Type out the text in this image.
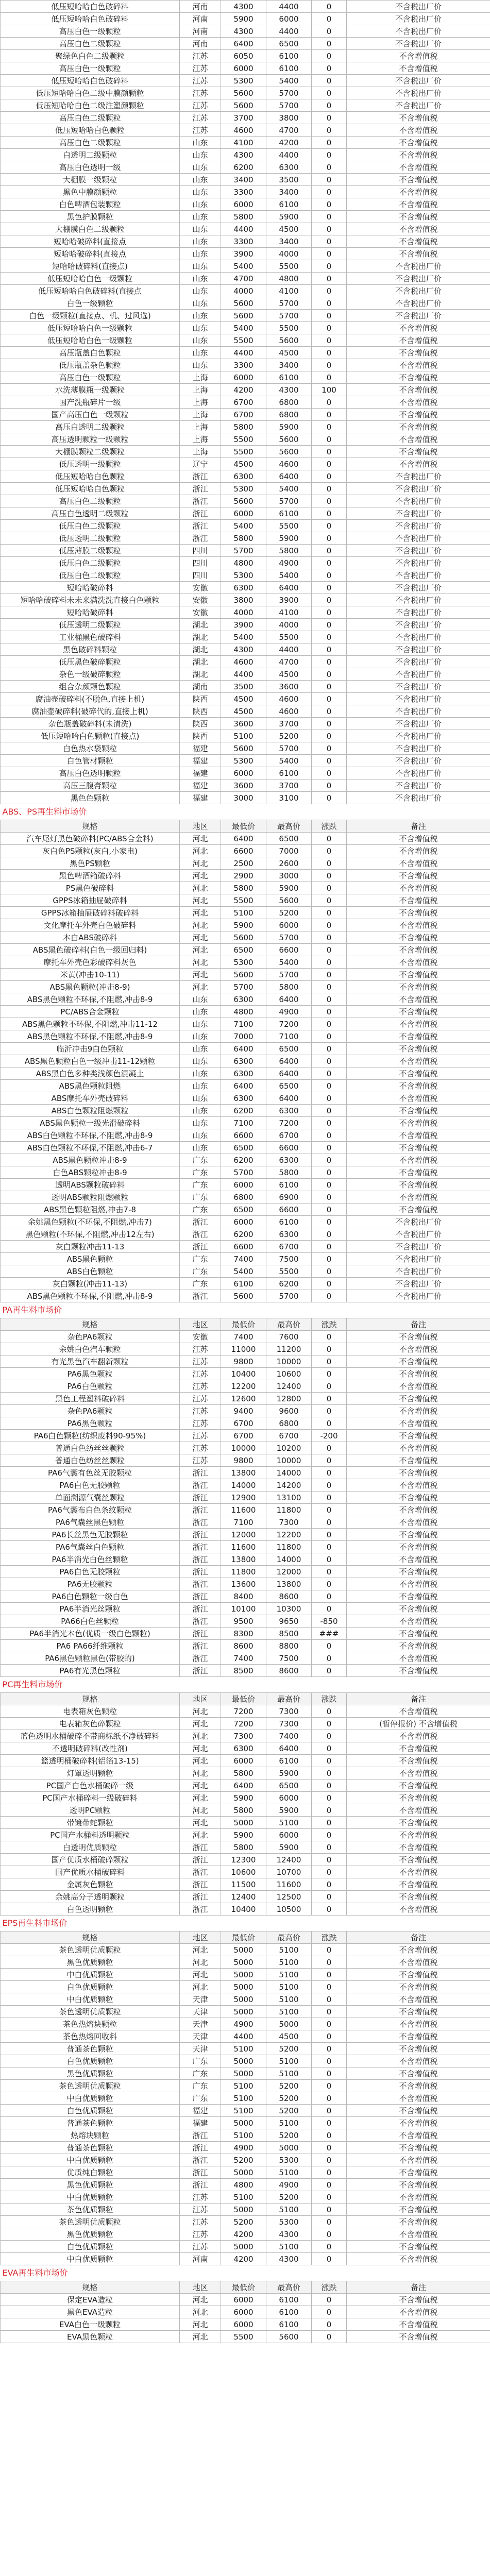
低压短哈哈白色破碎料	河南	4300	4400	0	不含税出厂价
低压短哈哈白色破碎料	河南	5900	6000	0	不含税出厂价
高压白色一级颗粒	河南	4300	4400	0	不含税出厂价
高压白色二级颗粒	河南	6400	6500	0	不含税出厂价
聚绿色白色二级颗粒	江苏	6050	6100	0	不含增值税
高压白色一级颗粒	江苏	6000	6100	0	不含增值税
低压短哈哈白色破碎料	江苏	5300	5400	0	不含税出厂价
低压短哈哈白色二级中膜颜颗粒	江苏	5600	5700	0	不含税出厂价
低压短哈哈白色二级注塑颜颗粒	江苏	5600	5700	0	不含税出厂价
高压白色二级颗粒	江苏	3700	3800	0	不含增值税
低压短哈哈白色颗粒	江苏	4600	4700	0	不含增值税
高压白色二级颗粒	山东	4100	4200	0	不含增值税
白透明二级颗粒	山东	4300	4400	0	不含增值税
高压白色透明一级	山东	6200	6300	0	不含增值税
大棚膜一级颗粒	山东	3400	3500	0	不含增值税
黑色中膜颜颗粒	山东	3300	3400	0	不含增值税
白色啤酒包装颗粒	山东	6000	6100	0	不含增值税
黑色护膜颗粒	山东	5800	5900	0	不含增值税
大棚膜白色二级颗粒	山东	4400	4500	0	不含增值税
短哈哈破碎料(直接点	山东	3300	3400	0	不含增值税
短哈哈破碎料(直接点	山东	3900	4000	0	不含增值税
短哈哈破碎料(直接点)	山东	5400	5500	0	不含税出厂价
低压短哈哈白色一级颗粒	山东	4700	4800	0	不含税出厂价
低压短哈哈白色破碎料(直接点	山东	4000	4100	0	不含税出厂价
白色一级颗粒	山东	5600	5700	0	不含税出厂价
白色一级颗粒(直接点、机、过风选)	山东	5600	5700	0	不含税出厂价
低压短哈哈白色一级颗粒	山东	5400	5500	0	不含增值税
低压短哈哈白色一级颗粒	山东	5500	5600	0	不含增值税
高压瓶盖白色颗粒	山东	4400	4500	0	不含增值税
低压瓶盖杂色颗粒	山东	3300	3400	0	不含增值税
高压白色一级颗粒	上海	6000	6100	0	不含增值税
水洗薄膜瓶一级颗粒	上海	4200	4300	100	不含增值税
国产洗瓶碎片一级	上海	6700	6800	0	不含增值税
国产高压白色一级颗粒	上海	6700	6800	0	不含增值税
高压白透明二级颗粒	上海	5800	5900	0	不含增值税
高压透明颗粒一级颗粒	上海	5500	5600	0	不含增值税
大棚膜颗粒二级颗粒	上海	5500	5600	0	不含增值税
低压透明一级颗粒	辽宁	4500	4600	0	不含增值税
低压短哈哈白色颗粒	浙江	6300	6400	0	不含税出厂价
低压短哈哈白色颗粒	浙江	5300	5400	0	不含税出厂价
高压白色二级颗粒	浙江	5600	5700	0	不含税出厂价
高压白色透明二级颗粒	浙江	6000	6100	0	不含税出厂价
低压白色二级颗粒	浙江	5400	5500	0	不含税出厂价
低压透明二级颗粒	浙江	5800	5900	0	不含税出厂价
低压薄膜二级颗粒	四川	5700	5800	0	不含税出厂价
低压白色二级颗粒	四川	4800	4900	0	不含税出厂价
低压白色二级颗粒	四川	5300	5400	0	不含税出厂价
短哈哈破碎料	安徽	6300	6400	0	不含税出厂价
短哈哈破碎料未未来满洗洗直接白色颗粒	安徽	3800	3900	0	不含税出厂价
短哈哈破碎料	安徽	4000	4100	0	不含税出厂价
低压透明二级颗粒	湖北	3900	4000	0	不含税出厂价
工业桶黑色破碎料	湖北	5400	5500	0	不含税出厂价
黑色破碎料颗粒	湖北	4300	4400	0	不含税出厂价
低压黑色破碎颗粒	湖北	4600	4700	0	不含税出厂价
杂色一级破碎颗粒	湖北	4400	4500	0	不含税出厂价
组合杂颜颗色颗粒	湖南	3500	3600	0	不含税出厂价
腐油壶破碎料(不脱色,直接上机)	陕西	4500	4600	0	不含税出厂价
腐油壶破碎料(破碎代的,直接上机)	陕西	4500	4600	0	不含税出厂价
杂色瓶盖破碎料(未清洗)	陕西	3600	3700	0	不含税出厂价
低压短哈哈白色颗粒(直接点)	陕西	5100	5200	0	不含税出厂价
白色热水袋颗粒	福建	5600	5700	0	不含税出厂价
白色管材颗粒	福建	5300	5400	0	不含税出厂价
高压白色透明颗粒	福建	6000	6100	0	不含税出厂价
高压三腹膏颗粒	福建	3600	3700	0	不含税出厂价
黑色色颗粒	福建	3000	3100	0	不含税出厂价
ABS、PS再生料市场价					
规格	地区	最低价	最高价	涨跌	备注
汽车尾灯黑色破碎料(PC/ABS合金料)	河北	6400	6500	0	不含增值税
灰白色PS颗粒(灰白,小家电)	河北	6600	7000	0	不含增值税
黑色PS颗粒	河北	2500	2600	0	不含增值税
黑色啤酒箱破碎料	河北	2900	3000	0	不含增值税
PS黑色破碎料	河北	5800	5900	0	不含增值税
GPPS冰箱抽屉破碎料	河北	5500	5600	0	不含增值税
GPPS冰箱抽屉破碎料破碎料	河北	5100	5200	0	不含增值税
文化摩托车外壳白色破碎料	河北	5900	6000	0	不含增值税
本白ABS破碎料	河北	5600	5700	0	不含增值税
ABS黑色破碎料(白色一级回归料)	河北	6500	6600	0	不含增值税
摩托车外壳色彩破碎料灰色	河北	5300	5400	0	不含增值税
米黄(冲击10-11)	河北	5600	5700	0	不含增值税
ABS黑色颗粒(冲击8-9)	河北	5700	5800	0	不含增值税
ABS黑色颗粒不环保,不阻燃,冲击8-9	山东	6300	6400	0	不含增值税
PC/ABS合金颗粒	山东	4800	4900	0	不含增值税
ABS黑色颗粒不环保,不阻燃,冲击11-12	山东	7100	7200	0	不含增值税
ABS黑色颗粒不环保,不阻燃,冲击8-9	山东	7000	7100	0	不含增值税
临沂冲击9白色颗粒	山东	6400	6500	0	不含增值税
ABS黑色颗粒白色一级冲击11-12颗粒	山东	6300	6400	0	不含增值税
ABS黑白色多种类浅颜色混凝土	山东	6300	6400	0	不含增值税
ABS黑色颗粒阻燃	山东	6400	6500	0	不含增值税
ABS摩托车外壳破碎料	山东	6300	6400	0	不含增值税
ABS白色颗粒阻燃颗粒	山东	6200	6300	0	不含增值税
ABS黑色颗粒一级光滑破碎料	山东	7100	7200	0	不含增值税
ABS白色颗粒不环保,不阻燃,冲击8-9	山东	6600	6700	0	不含增值税
ABS白色颗粒不环保,不阻燃,冲击6-7	山东	6500	6600	0	不含增值税
ABS黑色颗粒冲击8-9	广东	6200	6300	0	不含增值税
白色ABS颗粒冲击8-9	广东	5700	5800	0	不含增值税
透明ABS颗粒破碎料	广东	6000	6100	0	不含增值税
透明ABS颗粒阻燃颗粒	广东	6800	6900	0	不含增值税
ABS黑色颗粒阻燃,冲击7-8	广东	6500	6600	0	不含增值税
余姚黑色颗粒(不环保,不阻燃,冲击7)	浙江	6000	6100	0	不含税出厂价
黑色颗粒(不环保,不阻燃,冲击12左右)	浙江	6200	6300	0	不含税出厂价
灰白颗粒冲击11-13	浙江	6600	6700	0	不含税出厂价
ABS黑色颗粒	广东	7400	7500	0	不含税出厂价
ABS白色颗粒	广东	5400	5500	0	不含税出厂价
灰白颗粒(冲击11-13)	广东	6100	6200	0	不含税出厂价
ABS黑色颗粒不环保,不阻燃,冲击8-9	浙江	5600	5700	0	不含税出厂价
PA再生料市场价					
规格	地区	最低价	最高价	涨跌	备注
杂色PA6颗粒	安徽	7400	7600	0	不含增值税
余姚白色汽车颗粒	江苏	11000	11200	0	不含增值税
有光黑色汽车翻新颗粒	江苏	9800	10000	0	不含增值税
PA6黑色颗粒	江苏	10400	10600	0	不含增值税
PA6白色颗粒	江苏	12200	12400	0	不含增值税
黑色工程塑料破碎料	江苏	12600	12800	0	不含增值税
杂色PA6颗粒	江苏	9400	9600	0	不含增值税
PA6黑色颗粒	江苏	6700	6800	0	不含增值税
PA6白色颗粒(纺织废料90-95%)	江苏	6700	6700	-200	不含增值税
普通白色纺丝丝颗粒	江苏	10000	10200	0	不含增值税
普通白色纺丝丝颗粒	江苏	9800	10000	0	不含增值税
PA6气囊有色丝无胶颗粒	浙江	13800	14000	0	不含增值税
PA6白色无胶颗粒	浙江	14000	14200	0	不含增值税
单面溯源气囊丝颗粒	浙江	12900	13100	0	不含增值税
PA6气囊布白色条纹颗粒	浙江	11600	11800	0	不含增值税
PA6气囊丝黑色颗粒	浙江	7100	7300	0	不含增值税
PA6长丝黑色无胶颗粒	浙江	12000	12200	0	不含增值税
PA6气囊丝白色颗粒	浙江	11600	11800	0	不含增值税
PA6半消光白色丝颗粒	浙江	13800	14000	0	不含增值税
PA6白色无胶颗粒	浙江	11800	12000	0	不含增值税
PA6无胶颗粒	浙江	13600	13800	0	不含增值税
PA6白色颗粒一级白色	浙江	8400	8600	0	不含增值税
PA6半消光丝颗粒	浙江	10100	10300	0	不含增值税
PA66白色丝颗粒	浙江	9500	9650	-850	不含增值税
PA6半消光本色(优质一级白色颗粒)	浙江	8300	8500	###	不含增值税
PA6 PA66纤维颗粒	浙江	8600	8800	0	不含增值税
PA6黑色颗粒黑色(带胶的)	浙江	7400	7500	0	不含增值税
PA6有光黑色颗粒	浙江	8500	8600	0	不含增值税
PC再生料市场价					
规格	地区	最低价	最高价	涨跌	备注
电表箱灰色颗粒	河北	7200	7300	0	不含增值税
电表箱灰色碎颗粒	河北	7200	7300	0	(暂停报价) 不含增值税
蓝色透明水桶破碎不带商标纸不净破碎料	河北	7300	7400	0	不含增值税
不透明破碎料(改性剂)	河北	6300	6400	0	不含增值税
篮透明桶破碎料(铝箔13-15)	河北	6000	6100	0	不含增值税
灯罩透明颗粒	河北	5800	5900	0	不含增值税
PC国产白色水桶破碎一级	河北	6400	6500	0	不含增值税
PC国产水桶碎料一级破碎料	河北	5900	6000	0	不含增值税
透明PC颗粒	河北	5800	5900	0	不含增值税
带镀带蛇颗粒	河北	5000	5100	0	不含增值税
PC国产水桶料透明颗粒	河北	5900	6000	0	不含增值税
白透明优质颗粒	浙江	5800	5900	0	不含增值税
国产优质水桶破碎颗粒	浙江	12300	12400	0	不含增值税
国产优质水桶破碎料	浙江	10600	10700	0	不含增值税
金属灰色颗粒	浙江	11500	11600	0	不含增值税
余姚高分子透明颗粒	浙江	12400	12500	0	不含增值税
白色透明颗粒	浙江	10400	10500	0	不含增值税
EPS再生料市场价					
规格	地区	最低价	最高价	涨跌	备注
茶色透明优质颗粒	河北	5000	5100	0	不含增值税
黑色优质颗粒	河北	5000	5100	0	不含增值税
中白优质颗粒	河北	5000	5100	0	不含增值税
白色优质颗粒	河北	5000	5100	0	不含增值税
中白优质颗粒	天津	5000	5100	0	不含增值税
茶色透明优质颗粒	天津	5000	5100	0	不含增值税
茶色热熔块颗粒	天津	4900	5000	0	不含增值税
茶色热熔回收料	天津	4400	4500	0	不含增值税
普通茶色颗粒	天津	5100	5200	0	不含增值税
白色优质颗粒	广东	5000	5100	0	不含增值税
黑色优质颗粒	广东	5000	5100	0	不含增值税
茶色透明优质颗粒	广东	5100	5200	0	不含增值税
中白优质颗粒	广东	5100	5200	0	不含增值税
白色优质颗粒	福建	5100	5200	0	不含增值税
普通茶色颗粒	福建	5000	5100	0	不含增值税
热熔块颗粒	浙江	5100	5200	0	不含增值税
普通茶色颗粒	浙江	4900	5000	0	不含增值税
中白优质颗粒	浙江	5200	5300	0	不含增值税
优质纯白颗粒	浙江	5000	5100	0	不含增值税
黑色优质颗粒	浙江	4800	4900	0	不含增值税
中白优质颗粒	江苏	5100	5200	0	不含增值税
茶色优质颗粒	江苏	5000	5100	0	不含增值税
茶色透明优质颗粒	江苏	5200	5300	0	不含增值税
黑色优质颗粒	江苏	4200	4300	0	不含增值税
白色优质颗粒	江苏	5000	5100	0	不含增值税
中白优质颗粒	河南	4200	4300	0	不含增值税
EVA再生料市场价					
规格	地区	最低价	最高价	涨跌	备注
保定EVA造粒	河北	6000	6100	0	不含增值税
黑色EVA造粒	河北	6000	6100	0	不含增值税
EVA白色一级颗粒	河北	6000	6100	0	不含增值税
EVA黑色颗粒	河北	5500	5600	0	不含增值税
